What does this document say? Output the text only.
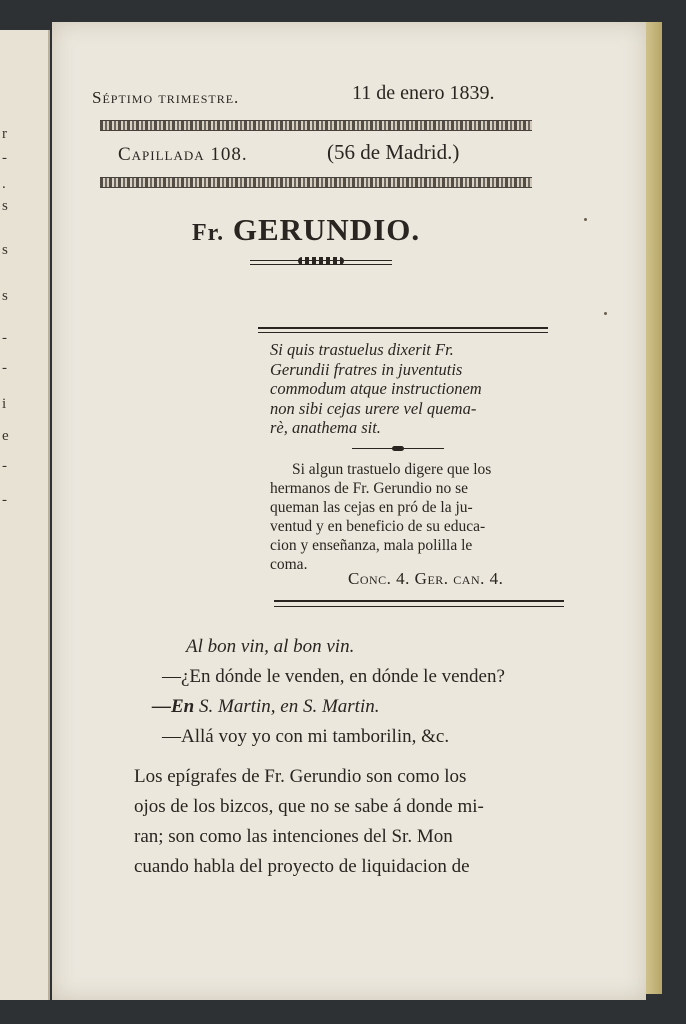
r
-
.
s
s
s
-
-
i
e
-
-
Séptimo trimestre.	11 de enero 1839.
Capillada 108.	(56 de Madrid.)
Fr. GERUNDIO.
Si quis trastuelus dixerit Fr.
Gerundii fratres in juventutis
commodum atque instructionem
non sibi cejas urere vel quema-
rè, anathema sit.
Si algun trastuelo digere que los
hermanos de Fr. Gerundio no se
queman las cejas en pró de la ju-
ventud y en beneficio de su educa-
cion y enseñanza, mala polilla le
coma.
Conc. 4. Ger. can. 4.
Al bon vin, al bon vin.
—¿En dónde le venden, en dónde le venden?
—En S. Martin, en S. Martin.
—Allá voy yo con mi tamborilin, &c.
Los epígrafes de Fr. Gerundio son como los
ojos de los bizcos, que no se sabe á donde mi-
ran; son como las intenciones del Sr. Mon
cuando habla del proyecto de liquidacion de
